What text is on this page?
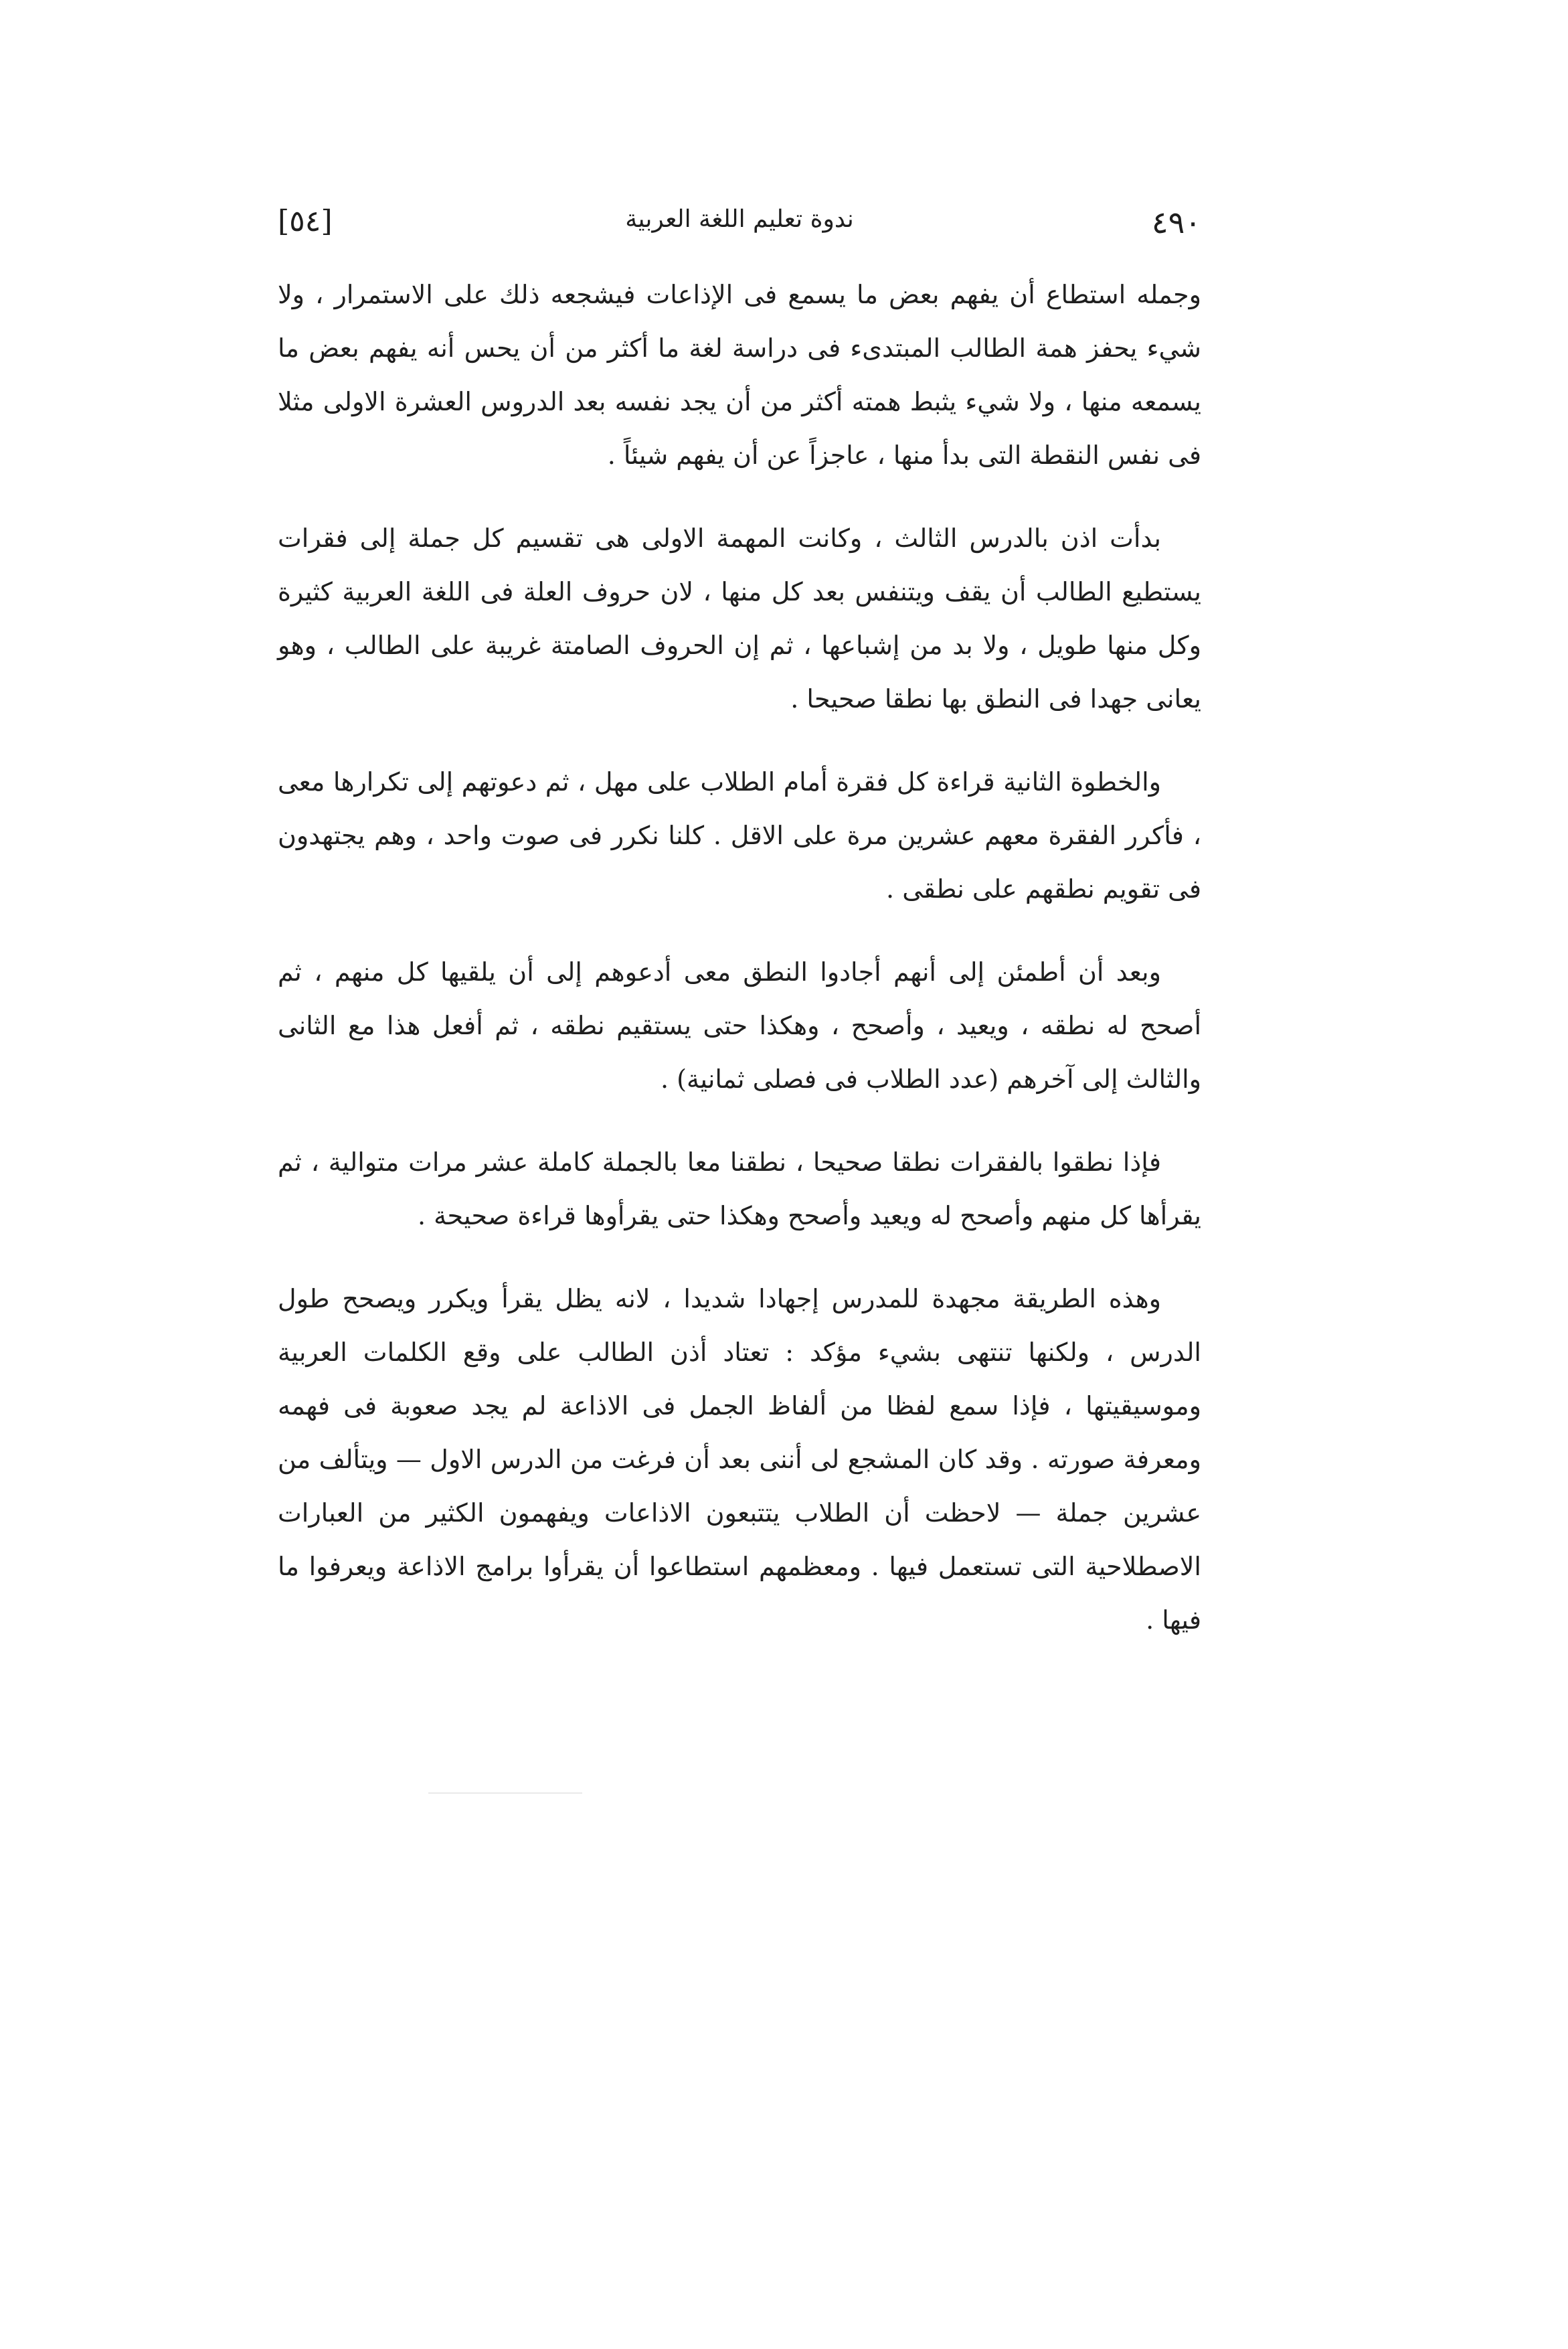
٤٩٠
ندوة تعليم اللغة العربية
[٥٤]

وجمله استطاع أن يفهم بعض ما يسمع فى الإذاعات فيشجعه ذلك على الاستمرار ، ولا شيء يحفز همة الطالب المبتدىء فى دراسة لغة ما أكثر من أن يحس أنه يفهم بعض ما يسمعه منها ، ولا شيء يثبط همته أكثر من أن يجد نفسه بعد الدروس العشرة الاولى مثلا فى نفس النقطة التى بدأ منها ، عاجزاً عن أن يفهم شيئاً .

بدأت اذن بالدرس الثالث ، وكانت المهمة الاولى هى تقسيم كل جملة إلى فقرات يستطيع الطالب أن يقف ويتنفس بعد كل منها ، لان حروف العلة فى اللغة العربية كثيرة وكل منها طويل ، ولا بد من إشباعها ، ثم إن الحروف الصامتة غريبة على الطالب ، وهو يعانى جهدا فى النطق بها نطقا صحيحا .

والخطوة الثانية قراءة كل فقرة أمام الطلاب على مهل ، ثم دعوتهم إلى تكرارها معى ، فأكرر الفقرة معهم عشرين مرة على الاقل . كلنا نكرر فى صوت واحد ، وهم يجتهدون فى تقويم نطقهم على نطقى .

وبعد أن أطمئن إلى أنهم أجادوا النطق معى أدعوهم إلى أن يلقيها كل منهم ، ثم أصحح له نطقه ، ويعيد ، وأصحح ، وهكذا حتى يستقيم نطقه ، ثم أفعل هذا مع الثانى والثالث إلى آخرهم (عدد الطلاب فى فصلى ثمانية) .

فإذا نطقوا بالفقرات نطقا صحيحا ، نطقنا معا بالجملة كاملة عشر مرات متوالية ، ثم يقرأها كل منهم وأصحح له ويعيد وأصحح وهكذا حتى يقرأوها قراءة صحيحة .

وهذه الطريقة مجهدة للمدرس إجهادا شديدا ، لانه يظل يقرأ ويكرر ويصحح طول الدرس ، ولكنها تنتهى بشيء مؤكد : تعتاد أذن الطالب على وقع الكلمات العربية وموسيقيتها ، فإذا سمع لفظا من ألفاظ الجمل فى الاذاعة لم يجد صعوبة فى فهمه ومعرفة صورته . وقد كان المشجع لى أننى بعد أن فرغت من الدرس الاول — ويتألف من عشرين جملة — لاحظت أن الطلاب يتتبعون الاذاعات ويفهمون الكثير من العبارات الاصطلاحية التى تستعمل فيها . ومعظمهم استطاعوا أن يقرأوا برامج الاذاعة ويعرفوا ما فيها .
